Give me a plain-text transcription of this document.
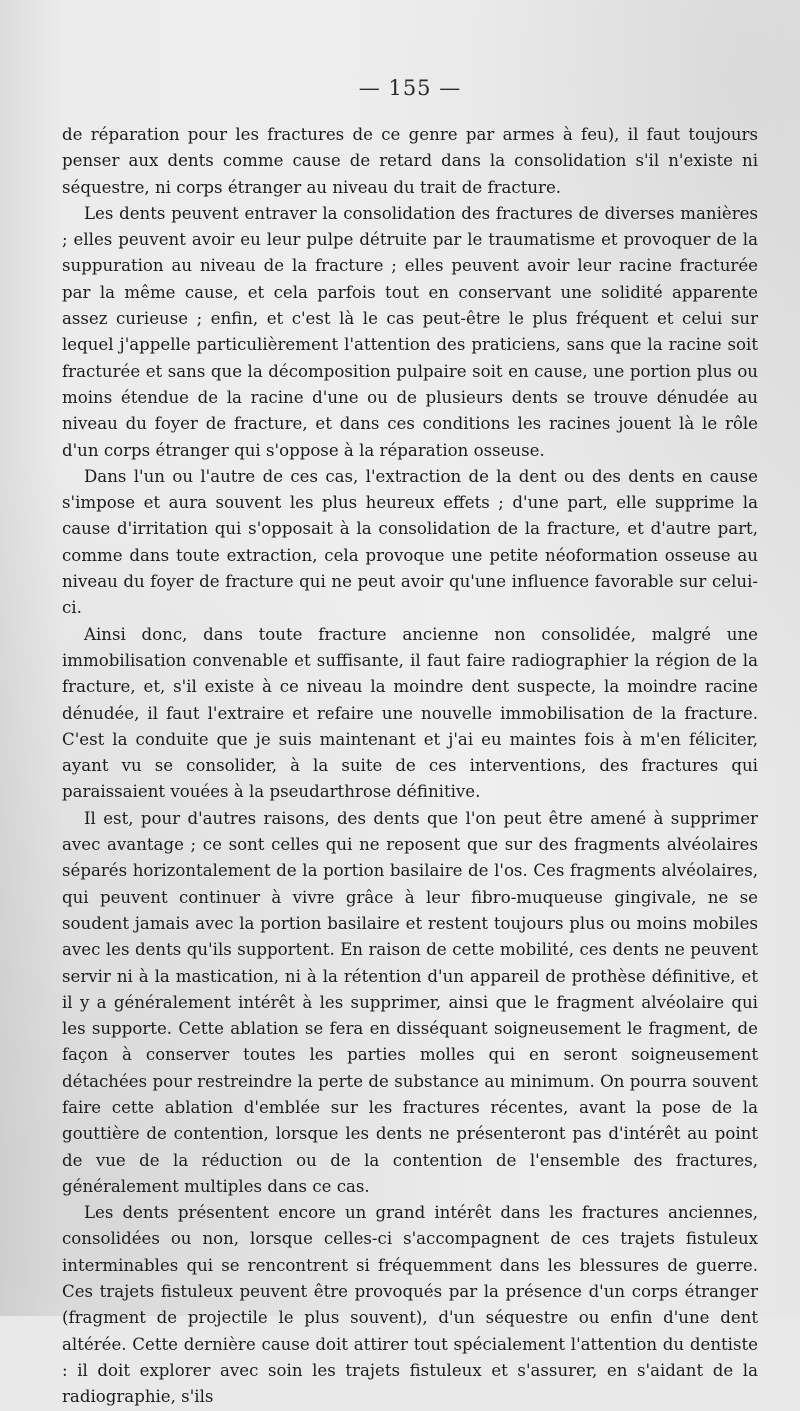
— 155 —

de réparation pour les fractures de ce genre par armes à feu), il faut toujours penser aux dents comme cause de retard dans la consolidation s'il n'existe ni séquestre, ni corps étranger au niveau du trait de fracture.

Les dents peuvent entraver la consolidation des fractures de diverses manières ; elles peuvent avoir eu leur pulpe détruite par le traumatisme et provoquer de la suppuration au niveau de la fracture ; elles peuvent avoir leur racine fracturée par la même cause, et cela parfois tout en conservant une solidité apparente assez curieuse ; enfin, et c'est là le cas peut-être le plus fréquent et celui sur lequel j'appelle particulièrement l'attention des praticiens, sans que la racine soit fracturée et sans que la décomposition pulpaire soit en cause, une portion plus ou moins étendue de la racine d'une ou de plusieurs dents se trouve dénudée au niveau du foyer de fracture, et dans ces conditions les racines jouent là le rôle d'un corps étranger qui s'oppose à la réparation osseuse.

Dans l'un ou l'autre de ces cas, l'extraction de la dent ou des dents en cause s'impose et aura souvent les plus heureux effets ; d'une part, elle supprime la cause d'irritation qui s'opposait à la consolidation de la fracture, et d'autre part, comme dans toute extraction, cela provoque une petite néoformation osseuse au niveau du foyer de fracture qui ne peut avoir qu'une influence favorable sur celui-ci.

Ainsi donc, dans toute fracture ancienne non consolidée, malgré une immobilisation convenable et suffisante, il faut faire radiographier la région de la fracture, et, s'il existe à ce niveau la moindre dent suspecte, la moindre racine dénudée, il faut l'extraire et refaire une nouvelle immobilisation de la fracture. C'est la conduite que je suis maintenant et j'ai eu maintes fois à m'en féliciter, ayant vu se consolider, à la suite de ces interventions, des fractures qui paraissaient vouées à la pseudarthrose définitive.

Il est, pour d'autres raisons, des dents que l'on peut être amené à supprimer avec avantage ; ce sont celles qui ne reposent que sur des fragments alvéolaires séparés horizontalement de la portion basilaire de l'os. Ces fragments alvéolaires, qui peuvent continuer à vivre grâce à leur fibro-muqueuse gingivale, ne se soudent jamais avec la portion basilaire et restent toujours plus ou moins mobiles avec les dents qu'ils supportent. En raison de cette mobilité, ces dents ne peuvent servir ni à la mastication, ni à la rétention d'un appareil de prothèse définitive, et il y a généralement intérêt à les supprimer, ainsi que le fragment alvéolaire qui les supporte. Cette ablation se fera en disséquant soigneusement le fragment, de façon à conserver toutes les parties molles qui en seront soigneusement détachées pour restreindre la perte de substance au minimum. On pourra souvent faire cette ablation d'emblée sur les fractures récentes, avant la pose de la gouttière de contention, lorsque les dents ne présenteront pas d'intérêt au point de vue de la réduction ou de la contention de l'ensemble des fractures, généralement multiples dans ce cas.

Les dents présentent encore un grand intérêt dans les fractures anciennes, consolidées ou non, lorsque celles-ci s'accompagnent de ces trajets fistuleux interminables qui se rencontrent si fréquemment dans les blessures de guerre. Ces trajets fistuleux peuvent être provoqués par la présence d'un corps étranger (fragment de projectile le plus souvent), d'un séquestre ou enfin d'une dent altérée. Cette dernière cause doit attirer tout spécialement l'attention du dentiste : il doit explorer avec soin les trajets fistuleux et s'assurer, en s'aidant de la radiographie, s'ils
